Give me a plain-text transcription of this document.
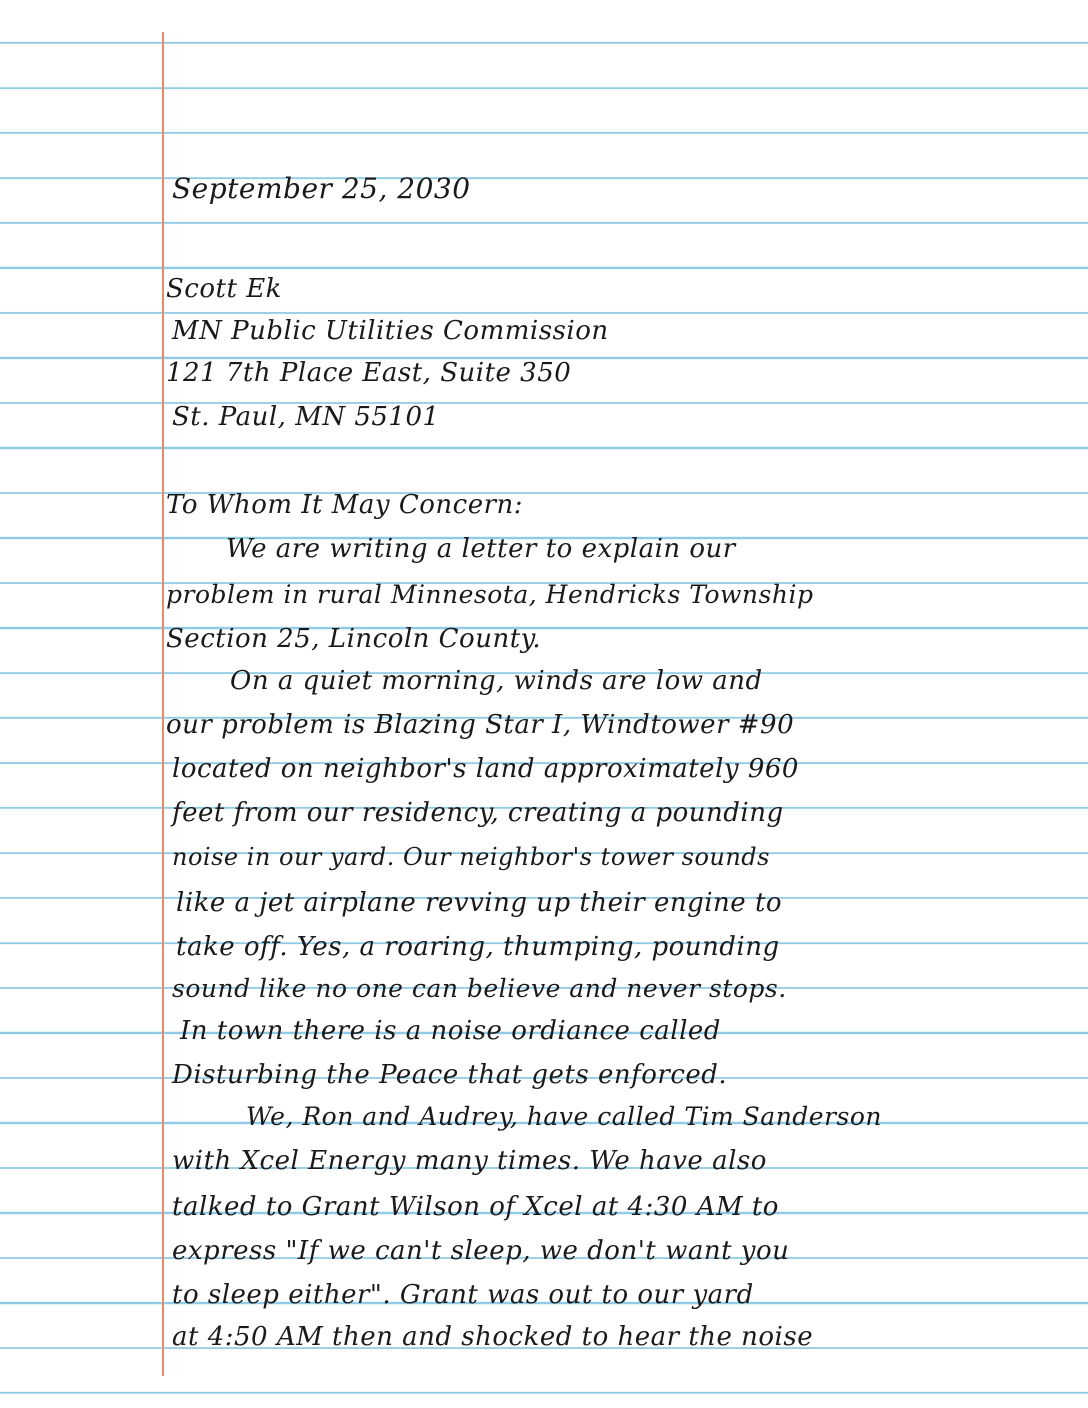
September 25, 2030
Scott Ek
MN Public Utilities Commission
121 7th Place East, Suite 350
St. Paul, MN 55101
To Whom It May Concern:
We are writing a letter to explain our
problem in rural Minnesota, Hendricks Township
Section 25, Lincoln County.
On a quiet morning, winds are low and
our problem is Blazing Star I, Windtower #90
located on neighbor's land approximately 960
feet from our residency, creating a pounding
noise in our yard. Our neighbor's tower sounds
like a jet airplane revving up their engine to
take off. Yes, a roaring, thumping, pounding
sound like no one can believe and never stops.
In town there is a noise ordiance called
Disturbing the Peace that gets enforced.
We, Ron and Audrey, have called Tim Sanderson
with Xcel Energy many times. We have also
talked to Grant Wilson of Xcel at 4:30 AM to
express "If we can't sleep, we don't want you
to sleep either". Grant was out to our yard
at 4:50 AM then and shocked to hear the noise
